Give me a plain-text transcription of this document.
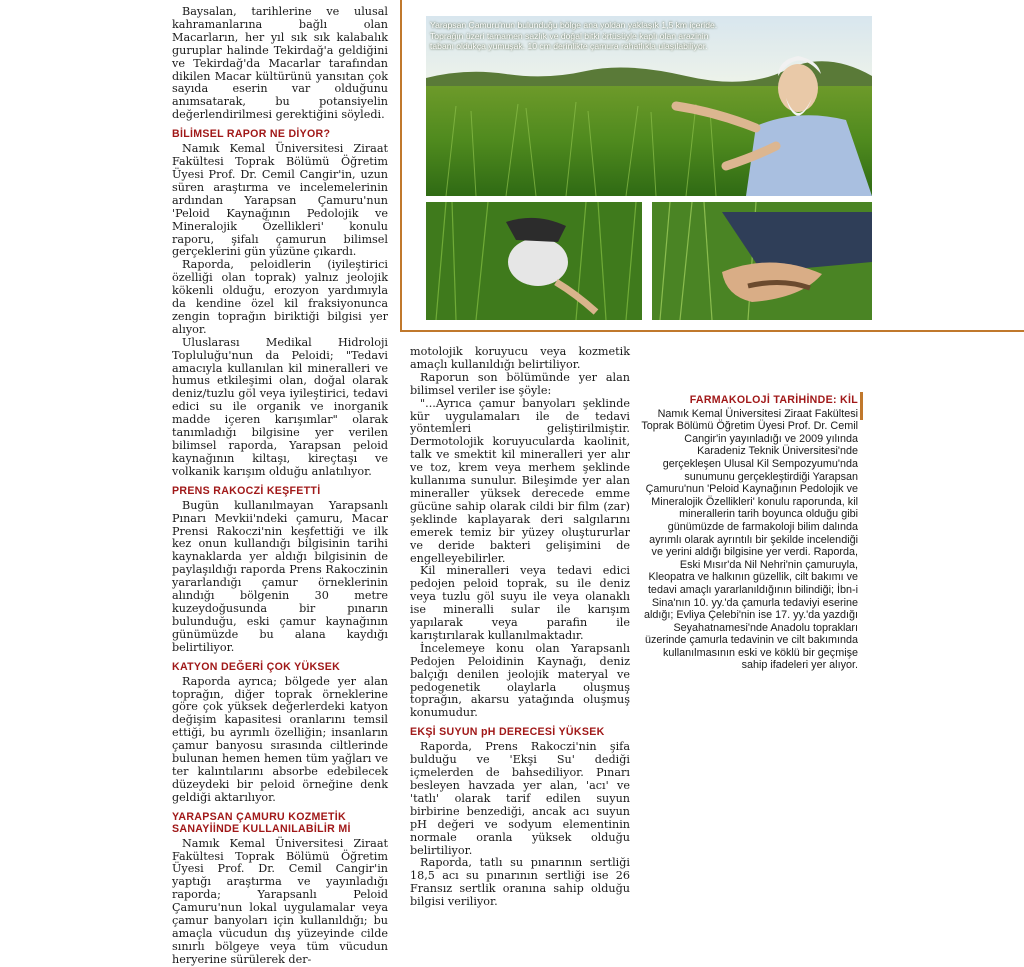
Baysalan, tarihlerine ve ulusal kahramanlarına bağlı olan Macarların, her yıl sık sık kalabalık guruplar halinde Tekirdağ'a geldiğini ve Tekirdağ'da Macarlar tarafından dikilen Macar kültürünü yansıtan çok sayıda eserin var olduğunu anımsatarak, bu potansiyelin değerlendirilmesi gerektiğini söyledi.

BİLİMSEL RAPOR NE DİYOR?

Namık Kemal Üniversitesi Ziraat Fakültesi Toprak Bölümü Öğretim Üyesi Prof. Dr. Cemil Cangir'in, uzun süren araştırma ve incelemelerinin ardından Yarapsan Çamuru'nun 'Peloid Kaynağının Pedolojik ve Mineralojik Özellikleri' konulu raporu, şifalı çamurun bilimsel gerçeklerini gün yüzüne çıkardı.

Raporda, peloidlerin (iyileştirici özelliği olan toprak) yalnız jeolojik kökenli olduğu, erozyon yardımıyla da kendine özel kil fraksiyonunca zengin toprağın biriktiği bilgisi yer alıyor.

Uluslarası Medikal Hidroloji Topluluğu'nun da Peloidi; "Tedavi amacıyla kullanılan kil mineralleri ve humus etkileşimi olan, doğal olarak deniz/tuzlu göl veya iyileştirici, tedavi edici su ile organik ve inorganik madde içeren karışımlar" olarak tanımladığı bilgisine yer verilen bilimsel raporda, Yarapsan peloid kaynağının kiltaşı, kireçtaşı ve volkanik karışım olduğu anlatılıyor.

PRENS RAKOCZİ KEŞFETTİ

Bugün kullanılmayan Yarapsanlı Pınarı Mevkii'ndeki çamuru, Macar Prensi Rakoczi'nin keşfettiği ve ilk kez onun kullandığı bilgisinin tarihi kaynaklarda yer aldığı bilgisinin de paylaşıldığı raporda Prens Rakoczinin yararlandığı çamur örneklerinin alındığı bölgenin 30 metre kuzeydoğusunda bir pınarın bulunduğu, eski çamur kaynağının günümüzde bu alana kaydığı belirtiliyor.

KATYON DEĞERİ ÇOK YÜKSEK

Raporda ayrıca; bölgede yer alan toprağın, diğer toprak örneklerine göre çok yüksek değerlerdeki katyon değişim kapasitesi oranlarını temsil ettiği, bu ayrımlı özelliğin; insanların çamur banyosu sırasında ciltlerinde bulunan hemen hemen tüm yağları ve ter kalıntılarını absorbe edebilecek düzeydeki bir peloid örneğine denk geldiği aktarılıyor.

YARAPSAN ÇAMURU KOZMETİK SANAYİİNDE KULLANILABİLİR Mİ

Namık Kemal Üniversitesi Ziraat Fakültesi Toprak Bölümü Öğretim Üyesi Prof. Dr. Cemil Cangir'in yaptığı araştırma ve yayınladığı raporda; Yarapsanlı Peloid Çamuru'nun lokal uygulamalar veya çamur banyoları için kullanıldığı; bu amaçla vücudun dış yüzeyinde cilde sınırlı bölgeye veya tüm vücudun heryerine sürülerek der-

Yarapsan Çamuru'nun bulunduğu bölge ana yoldan yaklaşık 1,5 km içeride. Toprağın üzeri tamamen sazlık ve doğal bitki örtüsüyle kaplı olan arazinin tabanı oldukça yumuşak. 10 cm derinlikte çamura rahatlıkla ulaşılabiliyor.

motolojik koruyucu veya kozmetik amaçlı kullanıldığı belirtiliyor.

Raporun son bölümünde yer alan bilimsel veriler ise şöyle:

"...Ayrıca çamur banyoları şeklinde kür uygulamaları ile de tedavi yöntemleri geliştirilmiştir. Dermotolojik koruyucularda kaolinit, talk ve smektit kil mineralleri yer alır ve toz, krem veya merhem şeklinde kullanıma sunulur. Bileşimde yer alan mineraller yüksek derecede emme gücüne sahip olarak cildi bir film (zar) şeklinde kaplayarak deri salgılarını emerek temiz bir yüzey oluştururlar ve deride bakteri gelişimini de engelleyebilirler.

Kil mineralleri veya tedavi edici pedojen peloid toprak, su ile deniz veya tuzlu göl suyu ile veya olanaklı ise mineralli sular ile karışım yapılarak veya parafin ile karıştırılarak kullanılmaktadır.

İncelemeye konu olan Yarapsanlı Pedojen Peloidinin Kaynağı, deniz balçığı denilen jeolojik materyal ve pedogenetik olaylarla oluşmuş toprağın, akarsu yatağında oluşmuş konumudur.

EKŞİ SUYUN pH DERECESİ YÜKSEK

Raporda, Prens Rakoczi'nin şifa bulduğu ve 'Ekşi Su' dediği içmelerden de bahsediliyor. Pınarı besleyen havzada yer alan, 'acı' ve 'tatlı' olarak tarif edilen suyun birbirine benzediği, ancak acı suyun pH değeri ve sodyum elementinin normale oranla yüksek olduğu belirtiliyor.

Raporda, tatlı su pınarının sertliği 18,5 acı su pınarının sertliği ise 26 Fransız sertlik oranına sahip olduğu bilgisi veriliyor.

FARMAKOLOJİ TARİHİNDE: KİL

Namık Kemal Üniversitesi Ziraat Fakültesi Toprak Bölümü Öğretim Üyesi Prof. Dr. Cemil Cangir'in yayınladığı ve 2009 yılında Karadeniz Teknik Üniversitesi'nde gerçekleşen Ulusal Kil Sempozyumu'nda sunumunu gerçekleştirdiği Yarapsan Çamuru'nun 'Peloid Kaynağının Pedolojik ve Mineralojik Özellikleri' konulu raporunda, kil minerallerin tarih boyunca olduğu gibi günümüzde de farmakoloji bilim dalında ayrımlı olarak ayrıntılı bir şekilde incelendiği ve yerini aldığı bilgisine yer verdi. Raporda, Eski Mısır'da Nil Nehri'nin çamuruyla, Kleopatra ve halkının güzellik, cilt bakımı ve tedavi amaçlı yararlanıldığının bilindiği; İbn-i Sina'nın 10. yy.'da çamurla tedaviyi eserine aldığı; Evliya Çelebi'nin ise 17. yy.'da yazdığı Seyahatnamesi'nde Anadolu toprakları üzerinde çamurla tedavinin ve cilt bakımında kullanılmasının eski ve köklü bir geçmişe sahip ifadeleri yer alıyor.
